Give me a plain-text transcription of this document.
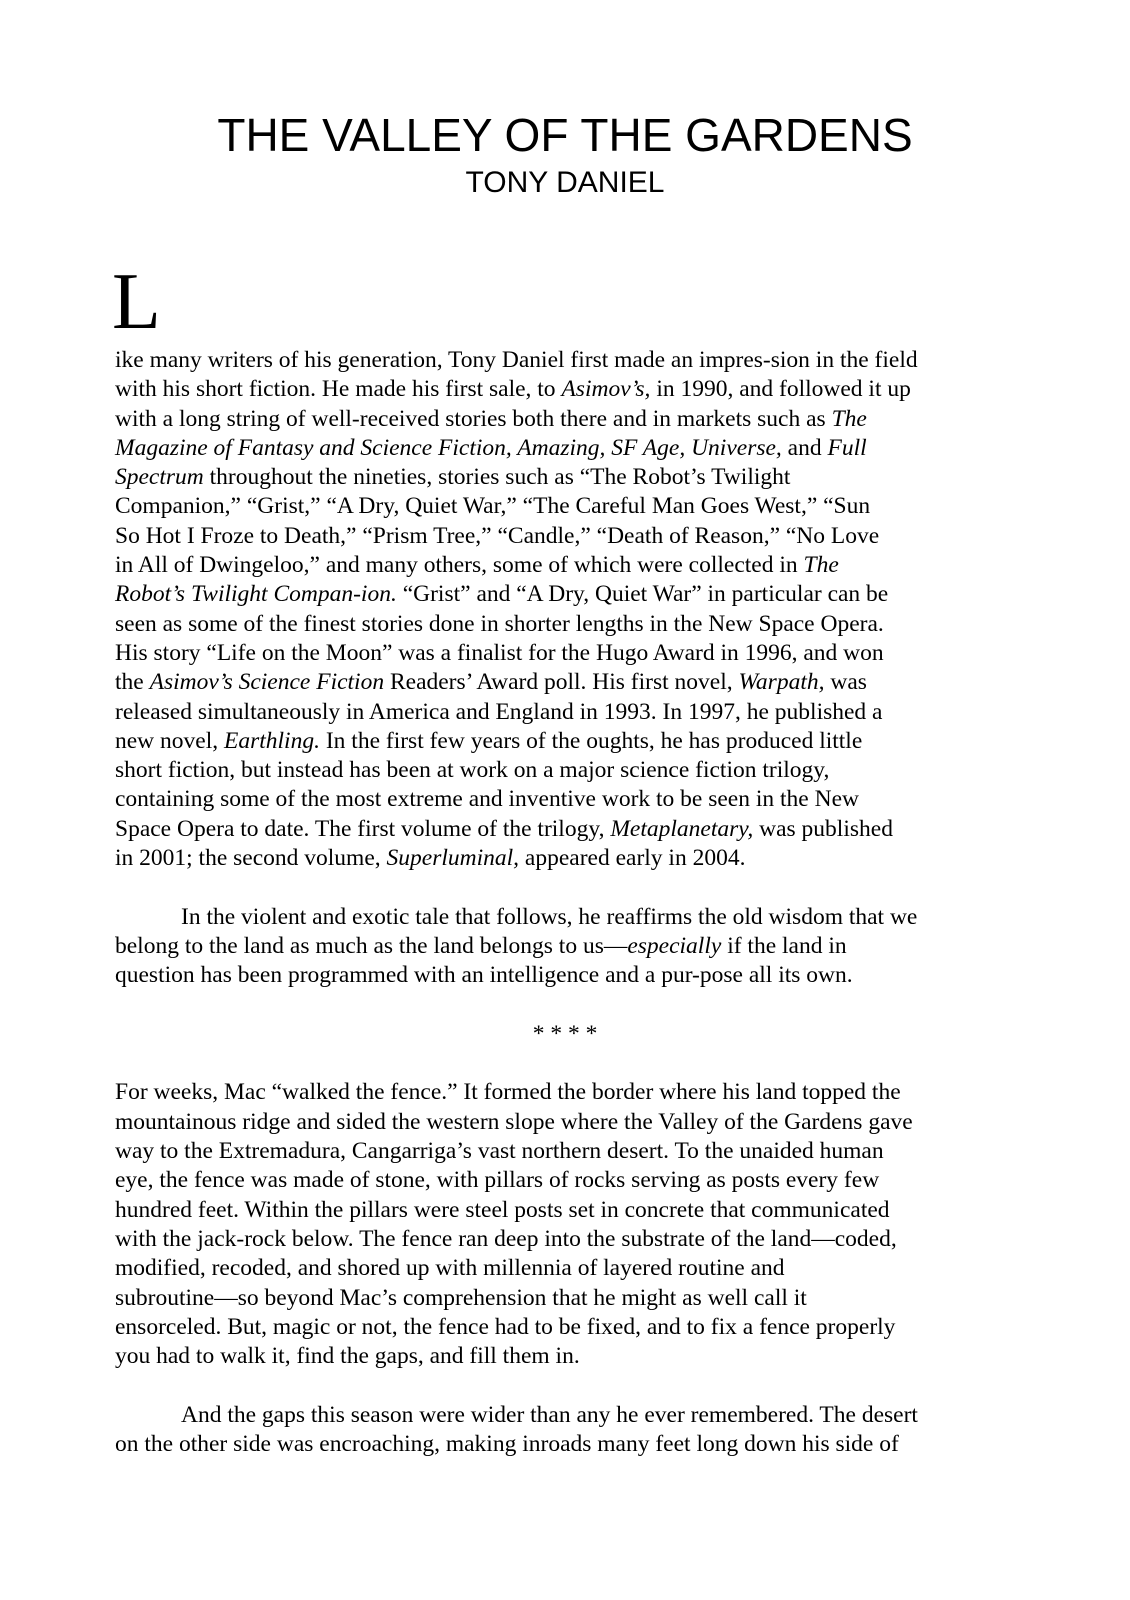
THE VALLEY OF THE GARDENS
TONY DANIEL
L
ike many writers of his generation, Tony Daniel first made an impres-sion in the field
with his short fiction. He made his first sale, to Asimov’s, in 1990, and followed it up
with a long string of well-received stories both there and in markets such as The
Magazine of Fantasy and Science Fiction, Amazing, SF Age, Universe, and Full
Spectrum throughout the nineties, stories such as “The Robot’s Twilight
Companion,” “Grist,” “A Dry, Quiet War,” “The Careful Man Goes West,” “Sun
So Hot I Froze to Death,” “Prism Tree,” “Candle,” “Death of Reason,” “No Love
in All of Dwingeloo,” and many others, some of which were collected in The
Robot’s Twilight Compan-ion. “Grist” and “A Dry, Quiet War” in particular can be
seen as some of the finest stories done in shorter lengths in the New Space Opera.
His story “Life on the Moon” was a finalist for the Hugo Award in 1996, and won
the Asimov’s Science Fiction Readers’ Award poll. His first novel, Warpath, was
released simultaneously in America and England in 1993. In 1997, he published a
new novel, Earthling. In the first few years of the oughts, he has produced little
short fiction, but instead has been at work on a major science fiction trilogy,
containing some of the most extreme and inventive work to be seen in the New
Space Opera to date. The first volume of the trilogy, Metaplanetary, was published
in 2001; the second volume, Superluminal, appeared early in 2004.
In the violent and exotic tale that follows, he reaffirms the old wisdom that we
belong to the land as much as the land belongs to us—especially if the land in
question has been programmed with an intelligence and a pur-pose all its own.
* * * *
For weeks, Mac “walked the fence.” It formed the border where his land topped the
mountainous ridge and sided the western slope where the Valley of the Gardens gave
way to the Extremadura, Cangarriga’s vast northern desert. To the unaided human
eye, the fence was made of stone, with pillars of rocks serving as posts every few
hundred feet. Within the pillars were steel posts set in concrete that communicated
with the jack-rock below. The fence ran deep into the substrate of the land—coded,
modified, recoded, and shored up with millennia of layered routine and
subroutine—so beyond Mac’s comprehension that he might as well call it
ensorceled. But, magic or not, the fence had to be fixed, and to fix a fence properly
you had to walk it, find the gaps, and fill them in.
And the gaps this season were wider than any he ever remembered. The desert
on the other side was encroaching, making inroads many feet long down his side of
